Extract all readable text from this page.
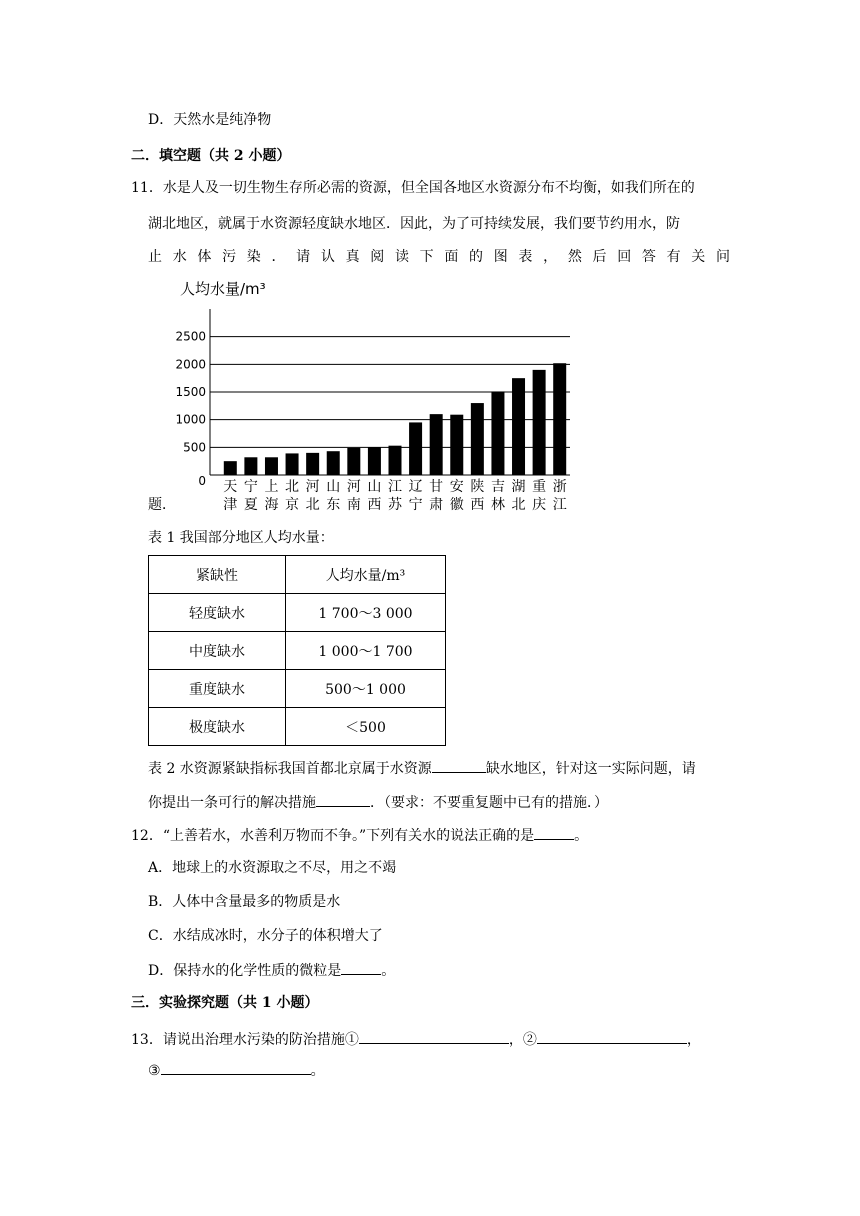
D．天然水是纯净物
二．填空题（共 2 小题）
11．水是人及一切生物生存所必需的资源，但全国各地区水资源分布不均衡，如我们所在的
湖北地区，就属于水资源轻度缺水地区．因此，为了可持续发展，我们要节约用水，防
止水体污染．请认真阅读下面的图表，然后回答有关问
人均水量/m³
0
500
1000
1500
2000
2500
天
津
宁
夏
上
海
北
京
河
北
山
东
河
南
山
西
江
苏
辽
宁
甘
肃
安
徽
陕
西
吉
林
湖
北
重
庆
浙
江
题．
表 1 我国部分地区人均水量：
紧缺性	人均水量/m³
轻度缺水	1 700～3 000
中度缺水	1 000～1 700
重度缺水	500～1 000
极度缺水	＜500
表 2 水资源紧缺指标我国首都北京属于水资源	缺水地区，针对这一实际问题，请
你提出一条可行的解决措施	．（要求：不要重复题中已有的措施．）
12．“上善若水，水善利万物而不争。”下列有关水的说法正确的是	。
A．地球上的水资源取之不尽，用之不竭
B．人体中含量最多的物质是水
C．水结成冰时，水分子的体积增大了
D．保持水的化学性质的微粒是	。
三．实验探究题（共 1 小题）
13．请说出治理水污染的防治措施①	，②	，
③	。
